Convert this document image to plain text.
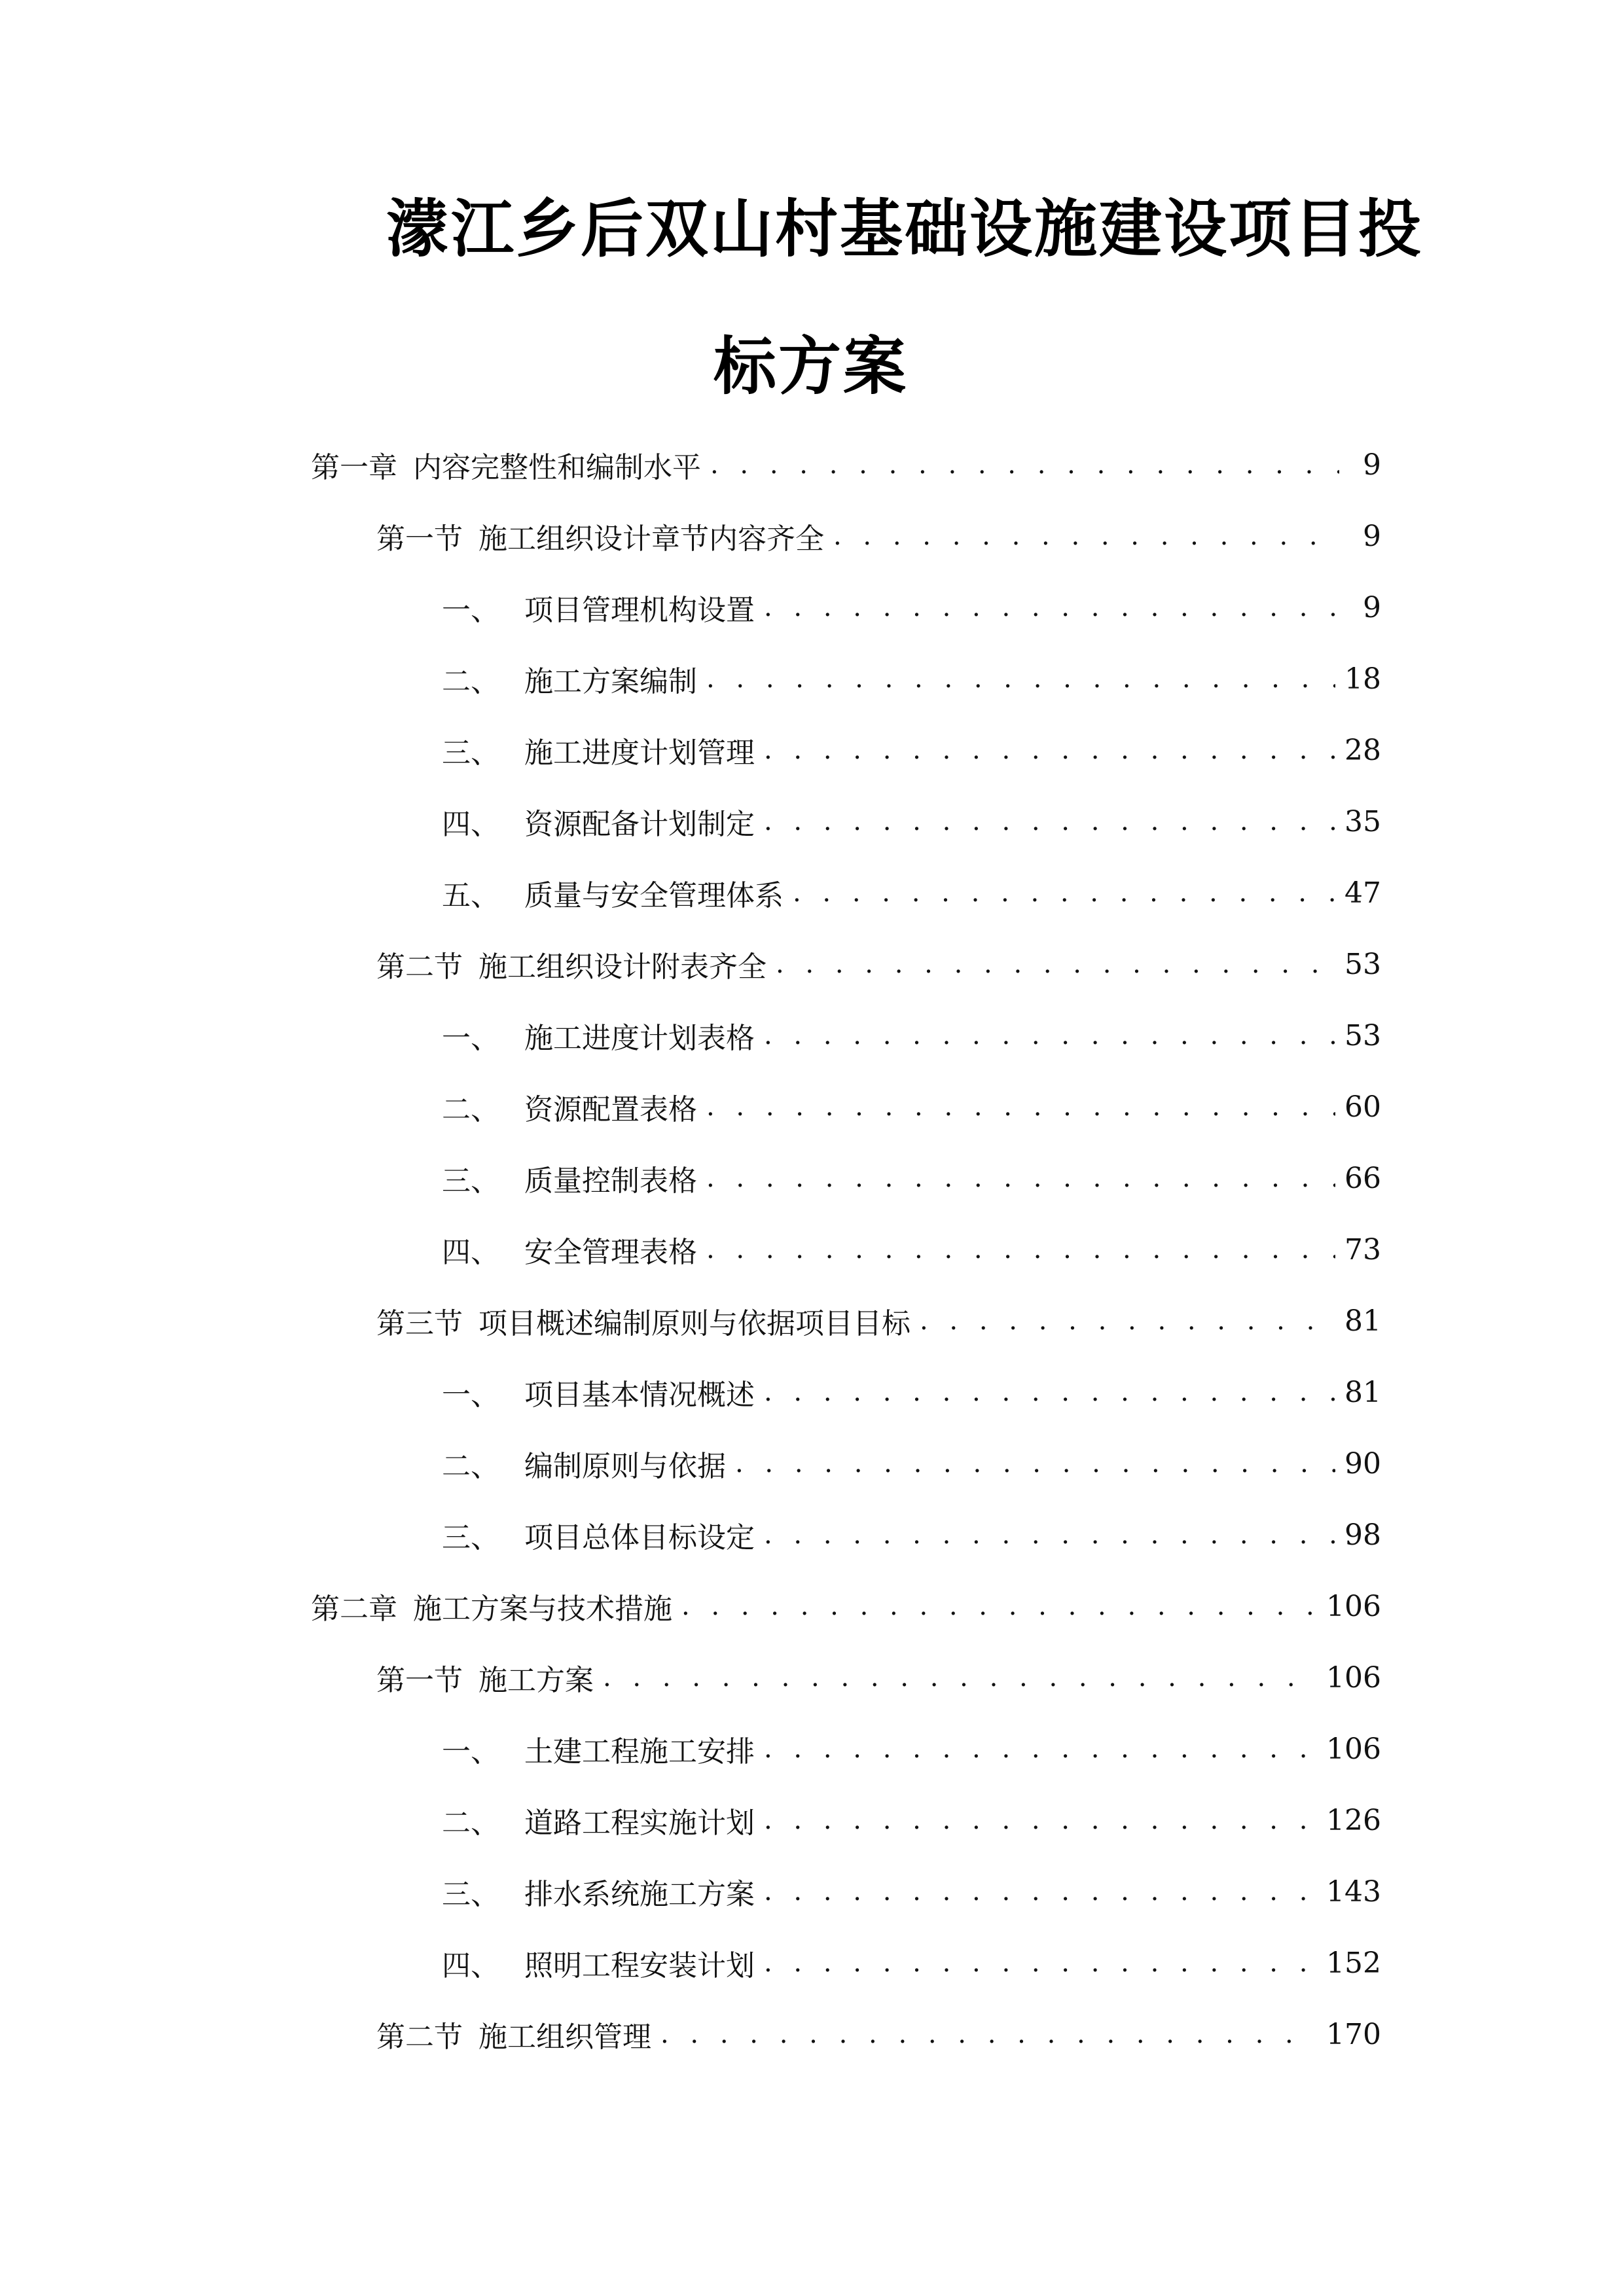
濛江乡后双山村基础设施建设项目投
标方案
第一章 内容完整性和编制水平 . . .	9
第一节 施工组织设计章节内容齐全 . . .	9
一、 项目管理机构设置 . . .	9
二、 施工方案编制 . . .	18
三、 施工进度计划管理 . . .	28
四、 资源配备计划制定 . . .	35
五、 质量与安全管理体系 . . .	47
第二节 施工组织设计附表齐全 . . .	53
一、 施工进度计划表格 . . .	53
二、 资源配置表格 . . .	60
三、 质量控制表格 . . .	66
四、 安全管理表格 . . .	73
第三节 项目概述编制原则与依据项目目标 . . .	81
一、 项目基本情况概述 . . .	81
二、 编制原则与依据 . . .	90
三、 项目总体目标设定 . . .	98
第二章 施工方案与技术措施 . . .	106
第一节 施工方案 . . .	106
一、 土建工程施工安排 . . .	106
二、 道路工程实施计划 . . .	126
三、 排水系统施工方案 . . .	143
四、 照明工程安装计划 . . .	152
第二节 施工组织管理 . . .	170
